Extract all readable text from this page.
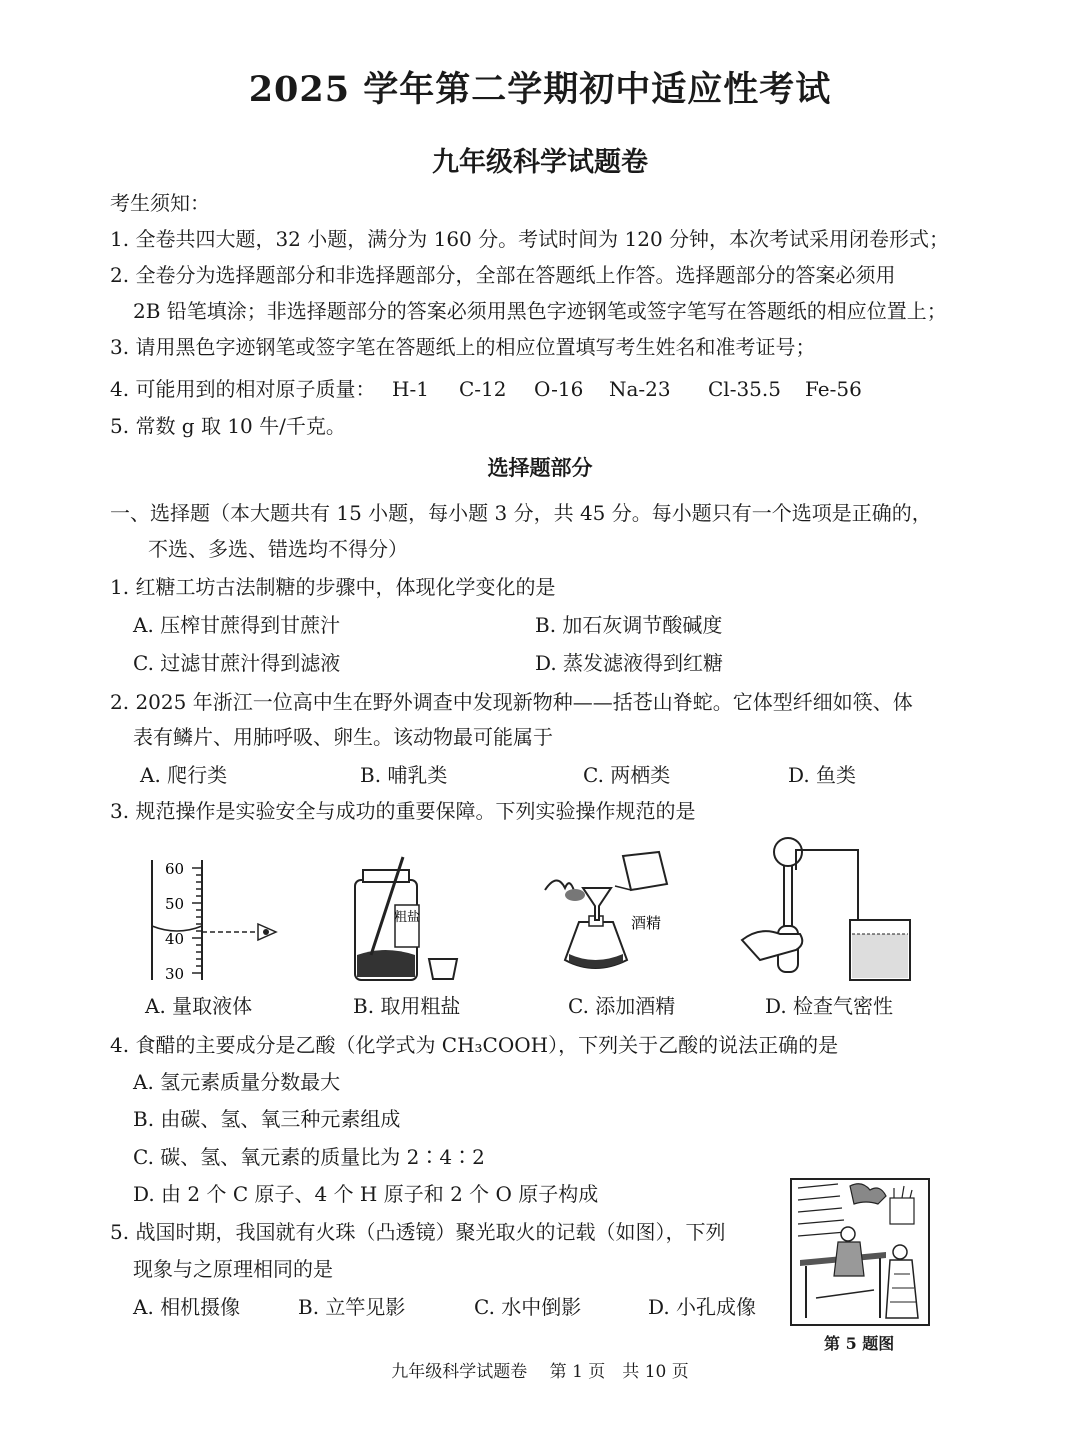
2025 学年第二学期初中适应性考试
九年级科学试题卷
考生须知：
1. 全卷共四大题，32 小题，满分为 160 分。考试时间为 120 分钟，本次考试采用闭卷形式；
2. 全卷分为选择题部分和非选择题部分，全部在答题纸上作答。选择题部分的答案必须用
2B 铅笔填涂；非选择题部分的答案必须用黑色字迹钢笔或签字笔写在答题纸的相应位置上；
3. 请用黑色字迹钢笔或签字笔在答题纸上的相应位置填写考生姓名和准考证号；
4. 可能用到的相对原子质量： H-1 C-12 O-16 Na-23 Cl-35.5 Fe-56
5. 常数 g 取 10 牛/千克。
选择题部分
一、选择题（本大题共有 15 小题，每小题 3 分，共 45 分。每小题只有一个选项是正确的，
不选、多选、错选均不得分）
1. 红糖工坊古法制糖的步骤中，体现化学变化的是
A. 压榨甘蔗得到甘蔗汁	B. 加石灰调节酸碱度
C. 过滤甘蔗汁得到滤液	D. 蒸发滤液得到红糖
2. 2025 年浙江一位高中生在野外调查中发现新物种——括苍山脊蛇。它体型纤细如筷、体
表有鳞片、用肺呼吸、卵生。该动物最可能属于
A. 爬行类	B. 哺乳类	C. 两栖类	D. 鱼类
3. 规范操作是实验安全与成功的重要保障。下列实验操作规范的是
60
50
40
30
A. 量取液体
粗盐
B. 取用粗盐
酒精
C. 添加酒精	D. 检查气密性
4. 食醋的主要成分是乙酸（化学式为 CH₃COOH），下列关于乙酸的说法正确的是
A. 氢元素质量分数最大
B. 由碳、氢、氧三种元素组成
C. 碳、氢、氧元素的质量比为 2∶4∶2
D. 由 2 个 C 原子、4 个 H 原子和 2 个 O 原子构成
5. 战国时期，我国就有火珠（凸透镜）聚光取火的记载（如图），下列
现象与之原理相同的是
A. 相机摄像	B. 立竿见影	C. 水中倒影	D. 小孔成像
第 5 题图
九年级科学试题卷　 第 1 页　共 10 页
